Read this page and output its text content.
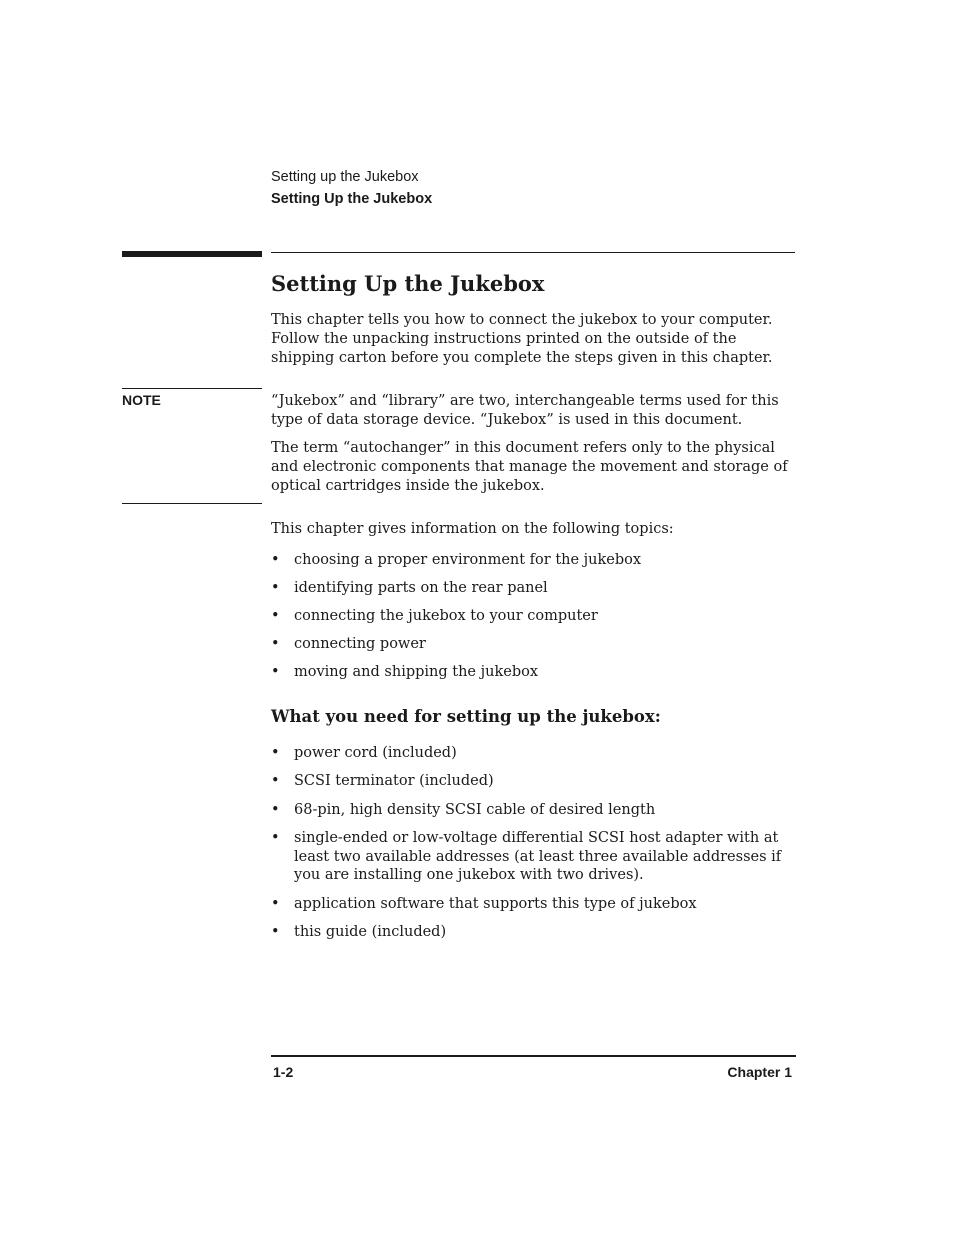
Setting up the Jukebox
Setting Up the Jukebox
Setting Up the Jukebox

This chapter tells you how to connect the jukebox to your computer. Follow the unpacking instructions printed on the outside of the shipping carton before you complete the steps given in this chapter.

NOTE	“Jukebox” and “library” are two, interchangeable terms used for this type of data storage device. “Jukebox” is used in this document.

The term “autochanger” in this document refers only to the physical and electronic components that manage the movement and storage of optical cartridges inside the jukebox.

This chapter gives information on the following topics:

• choosing a proper environment for the jukebox
• identifying parts on the rear panel
• connecting the jukebox to your computer
• connecting power
• moving and shipping the jukebox
What you need for setting up the jukebox:
• power cord (included)
• SCSI terminator (included)
• 68-pin, high density SCSI cable of desired length
• single-ended or low-voltage differential SCSI host adapter with at least two available addresses (at least three available addresses if you are installing one jukebox with two drives).
• application software that supports this type of jukebox
• this guide (included)
1-2	Chapter 1
